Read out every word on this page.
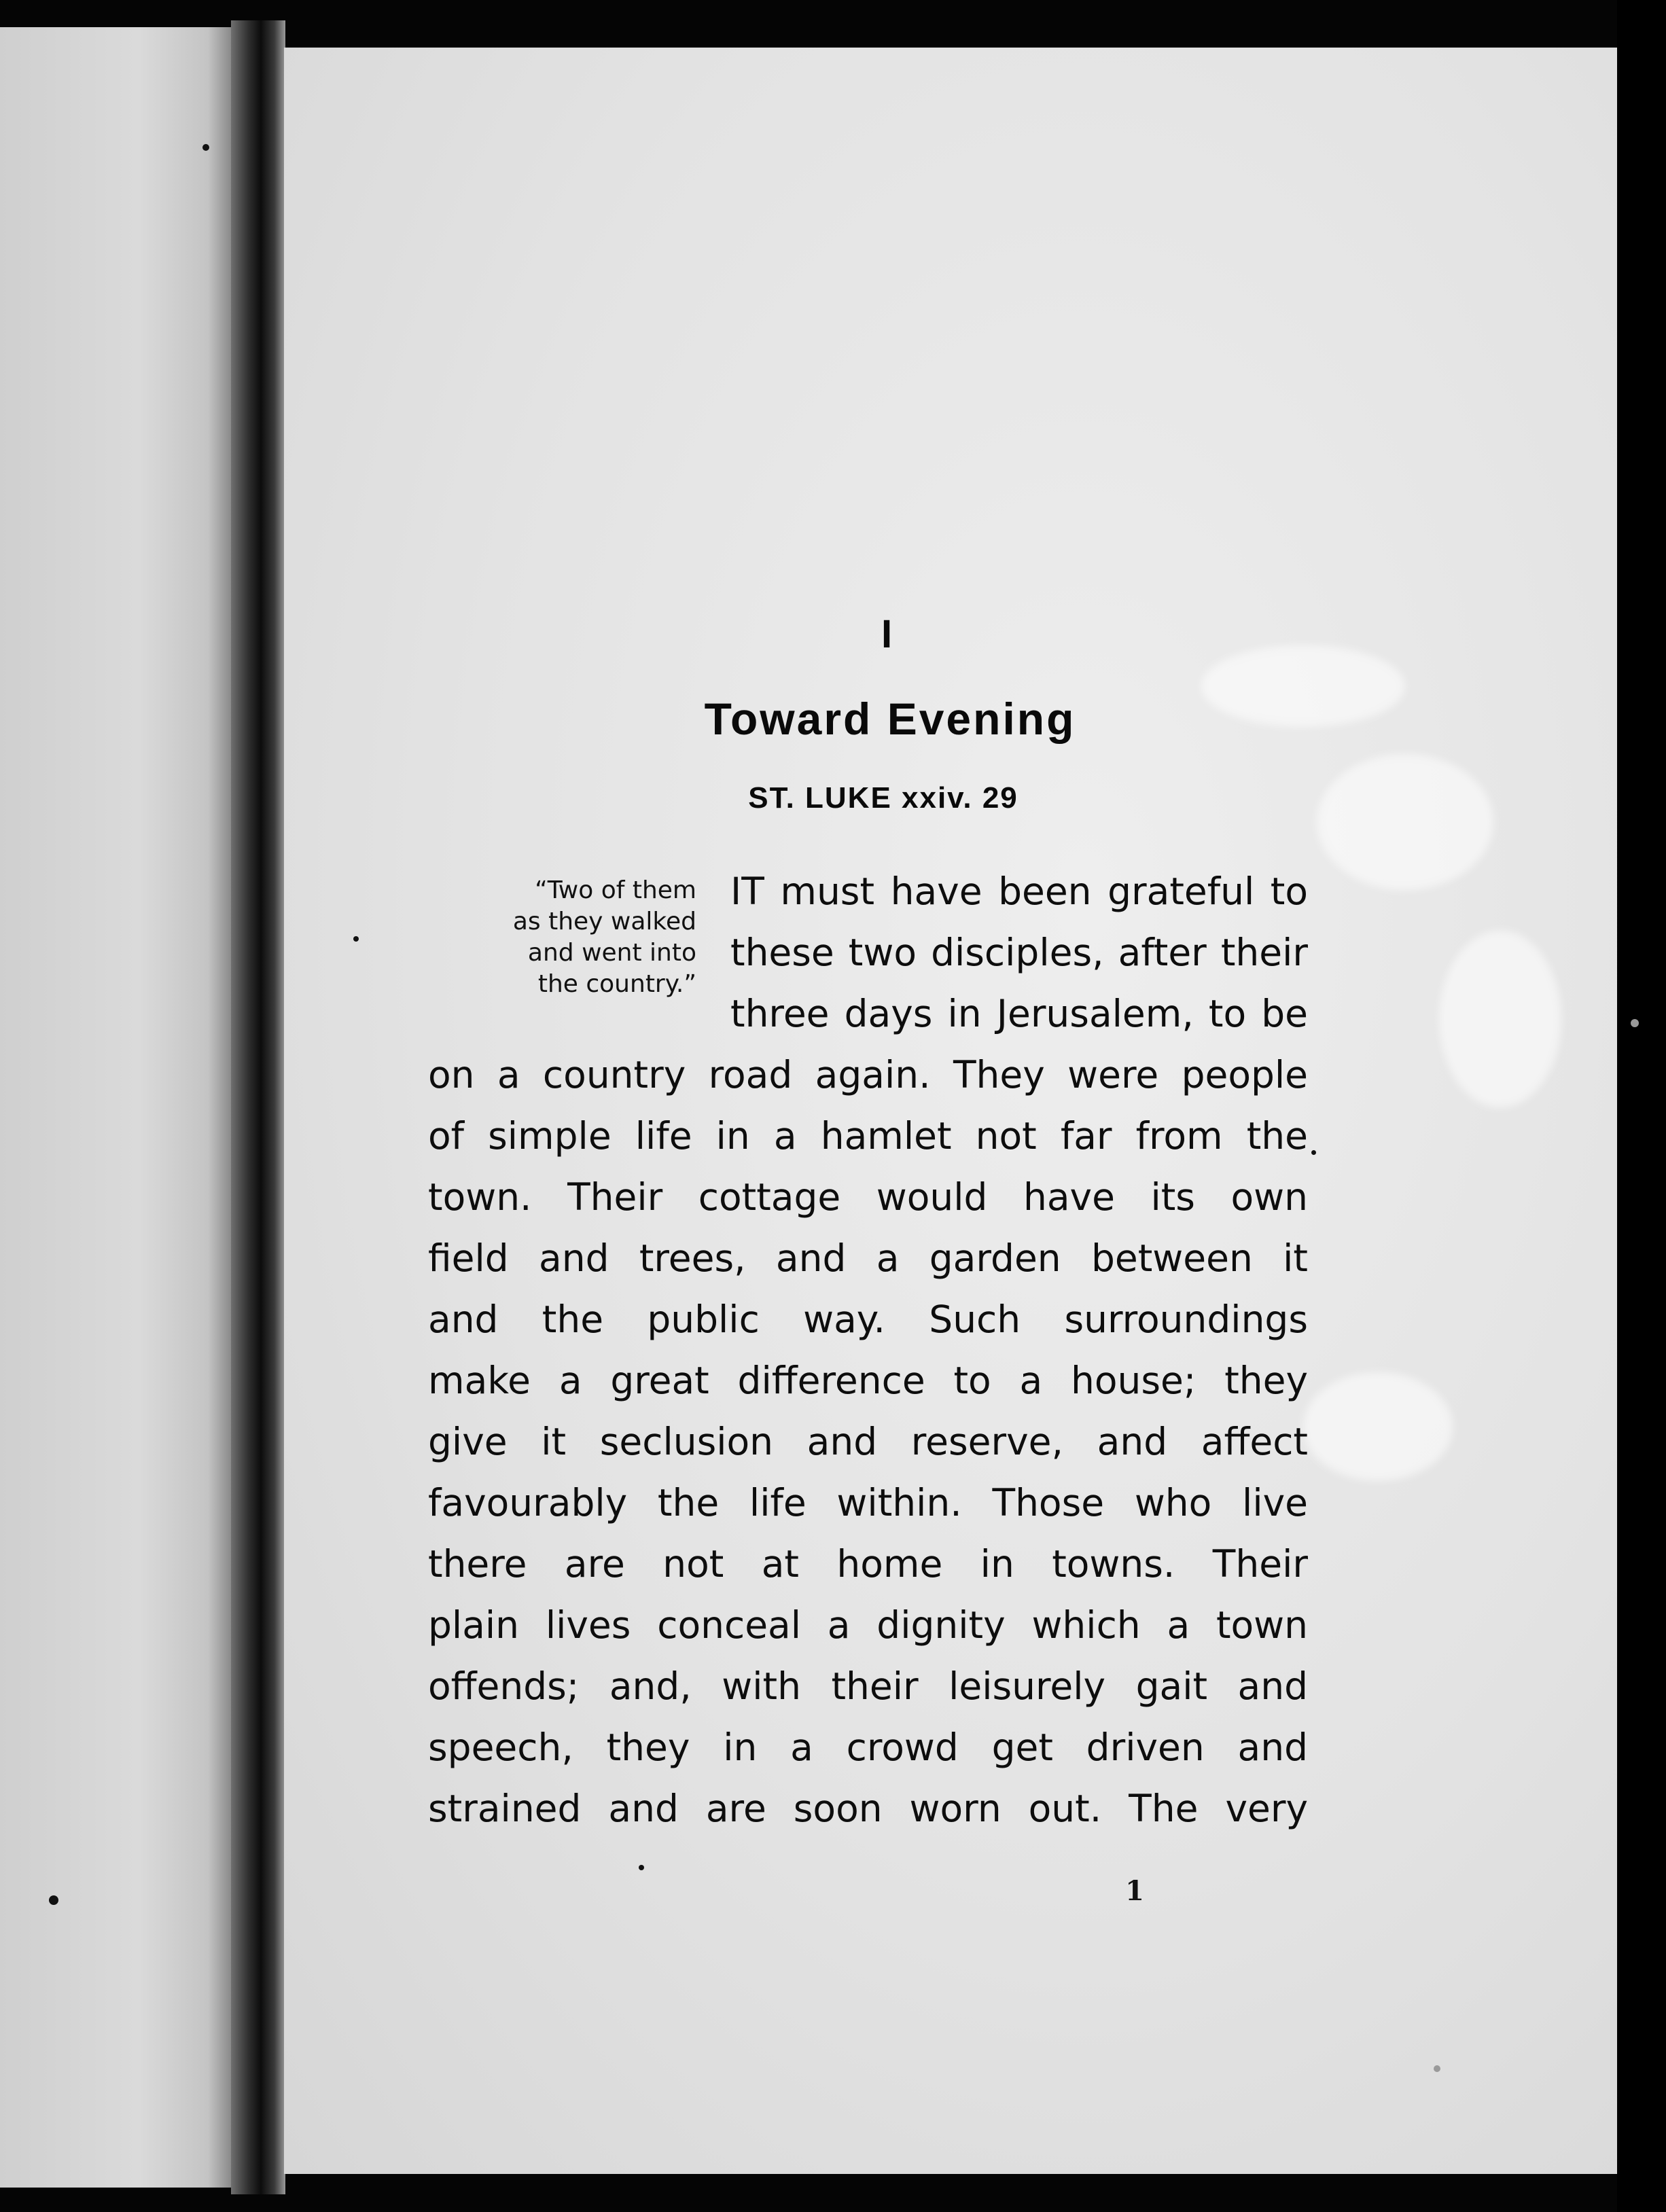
I
Toward Evening
ST. LUKE xxiv. 29
“Two of them
as they walked
and went into
the country.”
IT must have been grateful to
these two disciples, after their
three days in Jerusalem, to be
on a country road again. They were people
of simple life in a hamlet not far from the
town. Their cottage would have its own
field and trees, and a garden between it
and the public way. Such surroundings
make a great difference to a house; they
give it seclusion and reserve, and affect
favourably the life within. Those who live
there are not at home in towns. Their
plain lives conceal a dignity which a town
offends; and, with their leisurely gait and
speech, they in a crowd get driven and
strained and are soon worn out. The very
1
